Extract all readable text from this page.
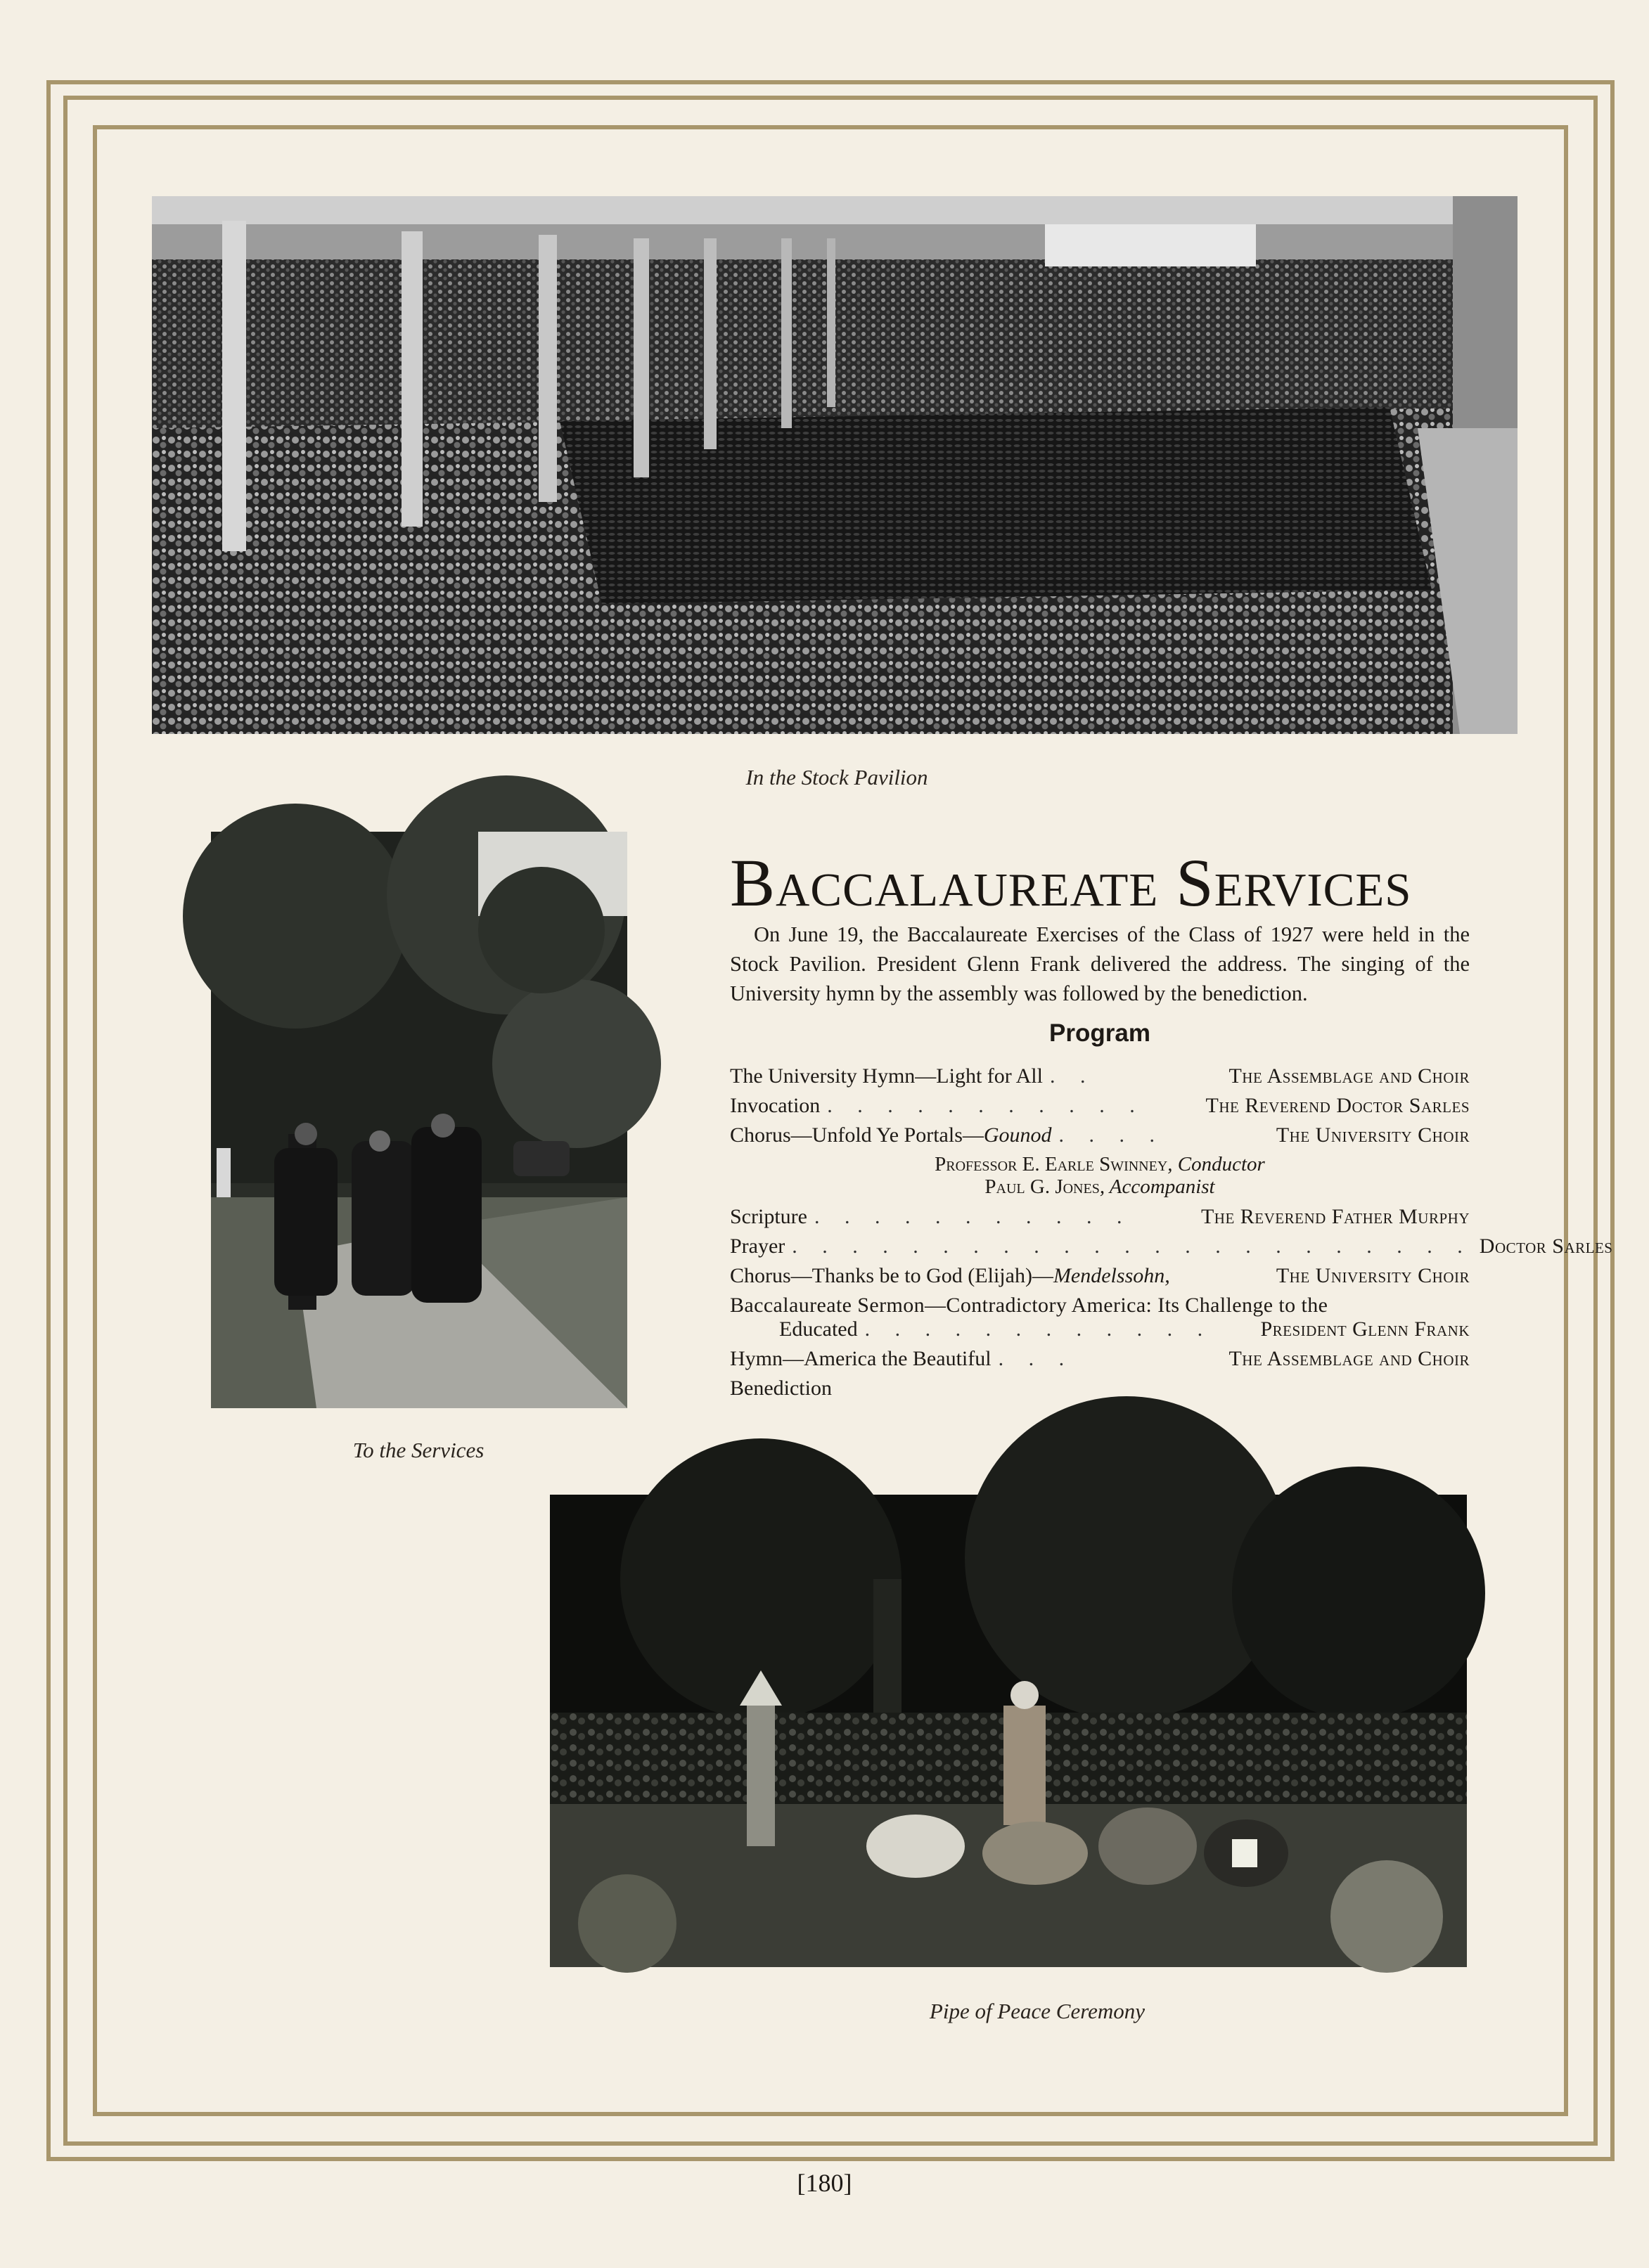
In the Stock Pavilion
To the Services
Baccalaureate Services
On June 19, the Baccalaureate Exercises of the Class of 1927 were held in the Stock Pavilion. President Glenn Frank delivered the address. The singing of the University hymn by the assembly was followed by the benediction.
Program
The University Hymn—Light for All . .	The Assemblage and Choir
Invocation . . . . . . . . . . .	The Reverend Doctor Sarles
Chorus—Unfold Ye Portals—Gounod . . . .	The University Choir
Professor E. Earle Swinney, Conductor
Paul G. Jones, Accompanist
Scripture . . . . . . . . . . .	The Reverend Father Murphy
Prayer . . . . . . . . . . . . . . . . . . . . . . . Doctor Sarles
Chorus—Thanks be to God (Elijah)—Mendelssohn,	The University Choir
Baccalaureate Sermon—Contradictory America: Its Challenge to the
Educated . . . . . . . . . . . .	President Glenn Frank
Hymn—America the Beautiful . . .	The Assemblage and Choir
Benediction
Pipe of Peace Ceremony
[180]
